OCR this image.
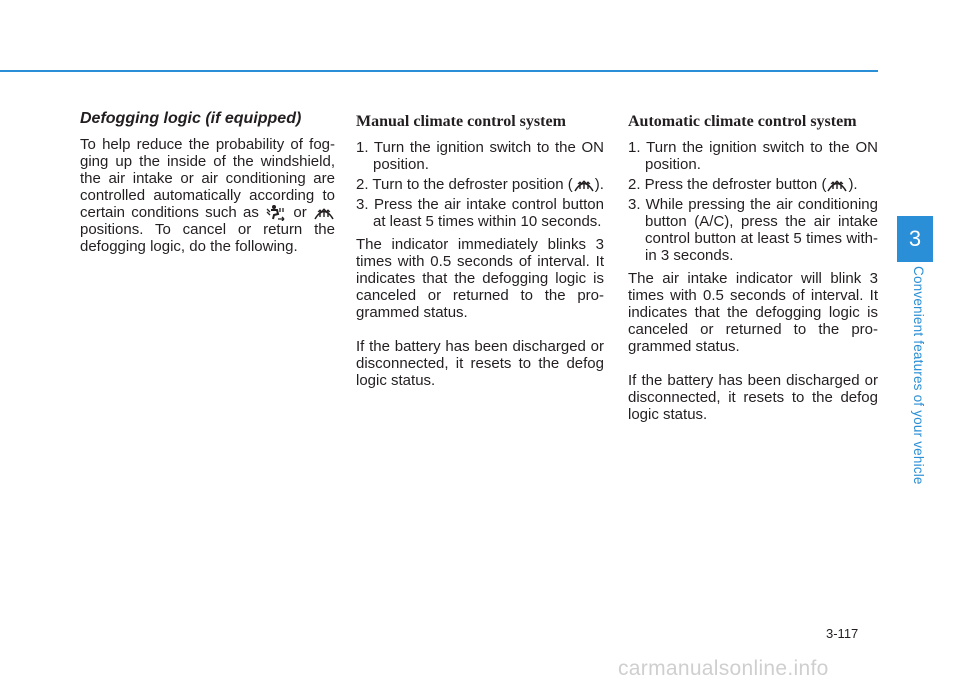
Defogging logic (if equipped)

To help reduce the probability of fog-ging up the inside of the windshield, the air intake or air conditioning are controlled automatically according to certain conditions such as or
positions. To cancel or return the defogging logic, do the following.

Manual climate control system

1. Turn the ignition switch to the ON position.

2. Turn to the defroster position ( ).

3. Press the air intake control button at least 5 times within 10 seconds.

The indicator immediately blinks 3 times with 0.5 seconds of interval. It indicates that the defogging logic is canceled or returned to the pro-grammed status.

If the battery has been discharged or disconnected, it resets to the defog logic status.

Automatic climate control system

1. Turn the ignition switch to the ON position.

2. Press the defroster button ( ).

3. While pressing the air conditioning button (A/C), press the air intake control button at least 5 times with-in 3 seconds.

The air intake indicator will blink 3 times with 0.5 seconds of interval. It indicates that the defogging logic is canceled or returned to the pro-grammed status.

If the battery has been discharged or disconnected, it resets to the defog logic status.

3
Convenient features of your vehicle
3-117
carmanualsonline.info
